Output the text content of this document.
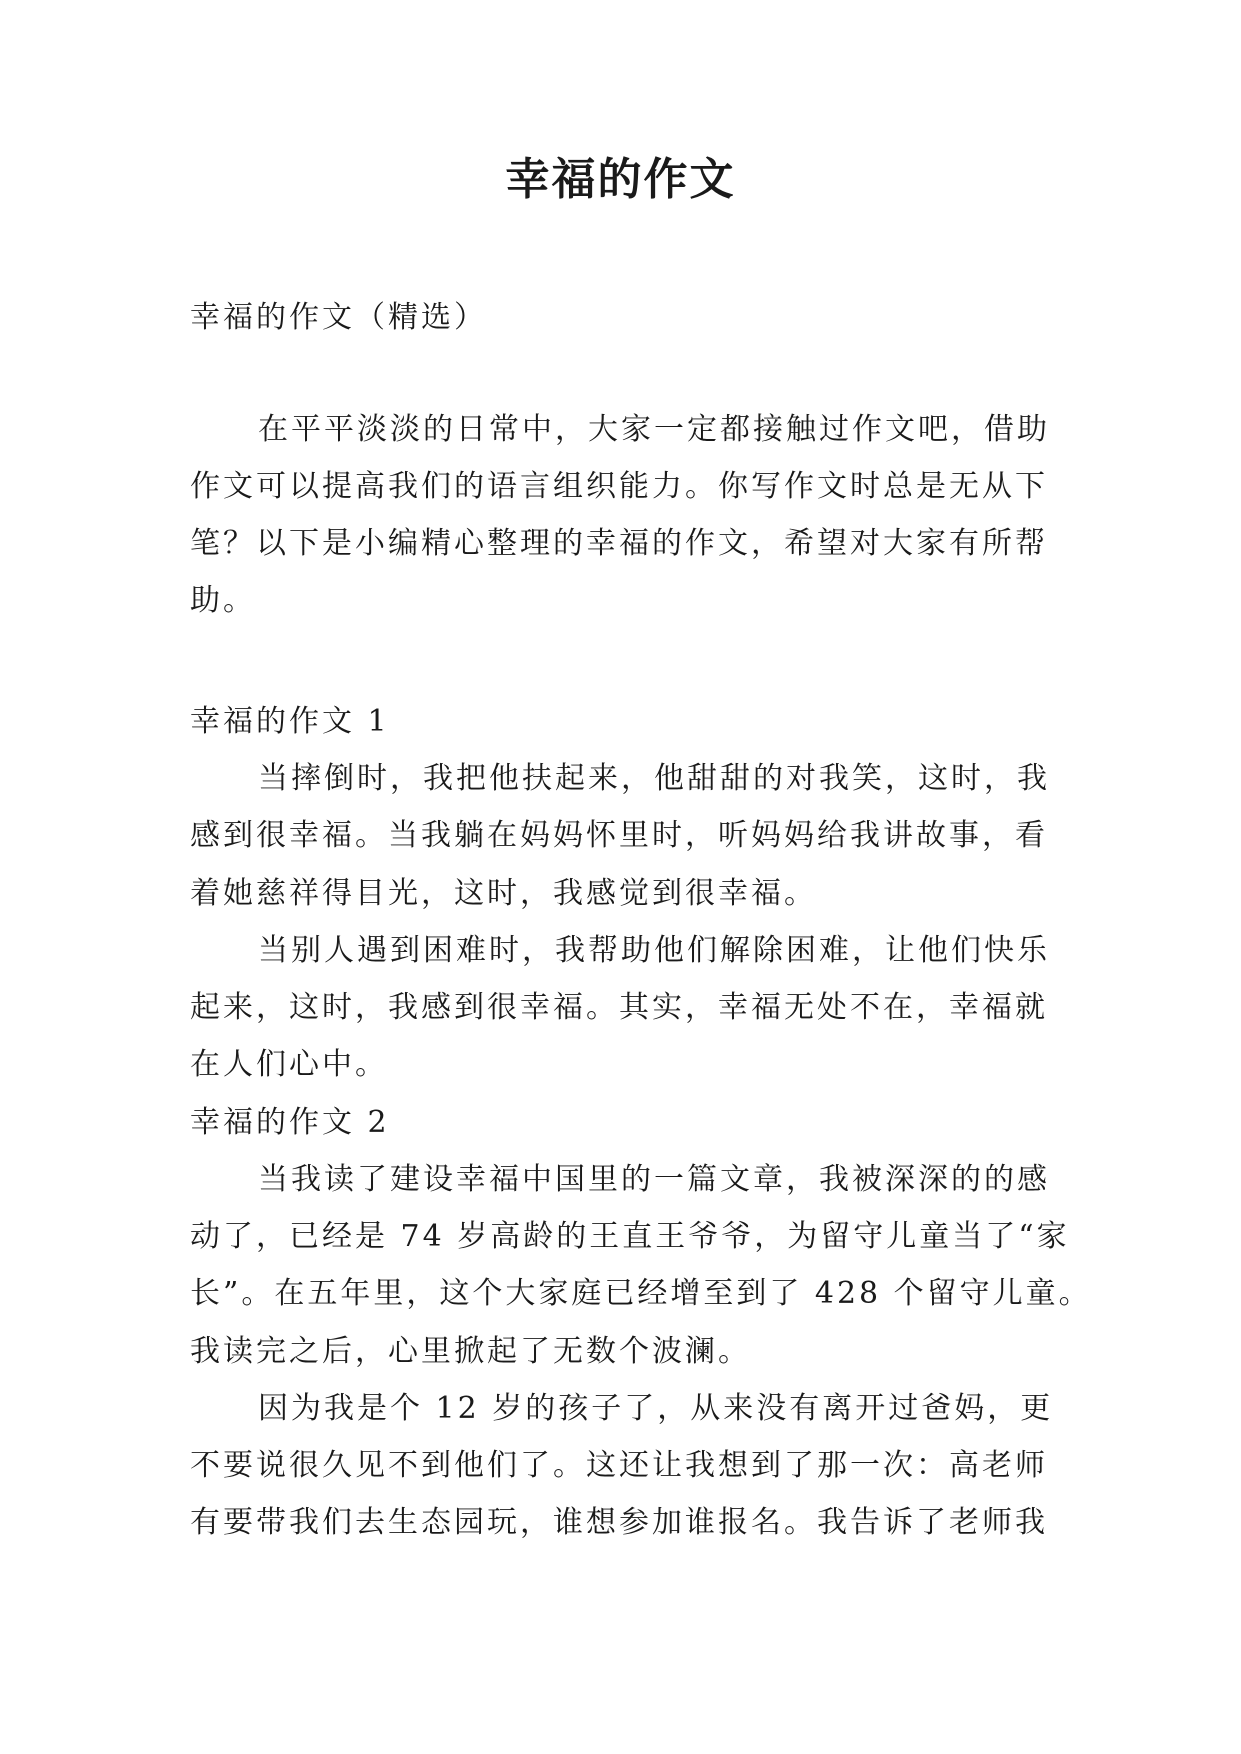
幸福的作文
幸福的作文（精选）
在平平淡淡的日常中，大家一定都接触过作文吧，借助
作文可以提高我们的语言组织能力。你写作文时总是无从下
笔？以下是小编精心整理的幸福的作文，希望对大家有所帮
助。
幸福的作文 1
当摔倒时，我把他扶起来，他甜甜的对我笑，这时，我
感到很幸福。当我躺在妈妈怀里时，听妈妈给我讲故事，看
着她慈祥得目光，这时，我感觉到很幸福。
当别人遇到困难时，我帮助他们解除困难，让他们快乐
起来，这时，我感到很幸福。其实，幸福无处不在，幸福就
在人们心中。
幸福的作文 2
当我读了建设幸福中国里的一篇文章，我被深深的的感
动了，已经是 74 岁高龄的王直王爷爷，为留守儿童当了“家
长”。在五年里，这个大家庭已经增至到了 428 个留守儿童。
我读完之后，心里掀起了无数个波澜。
因为我是个 12 岁的孩子了，从来没有离开过爸妈，更
不要说很久见不到他们了。这还让我想到了那一次：高老师
有要带我们去生态园玩，谁想参加谁报名。我告诉了老师我
